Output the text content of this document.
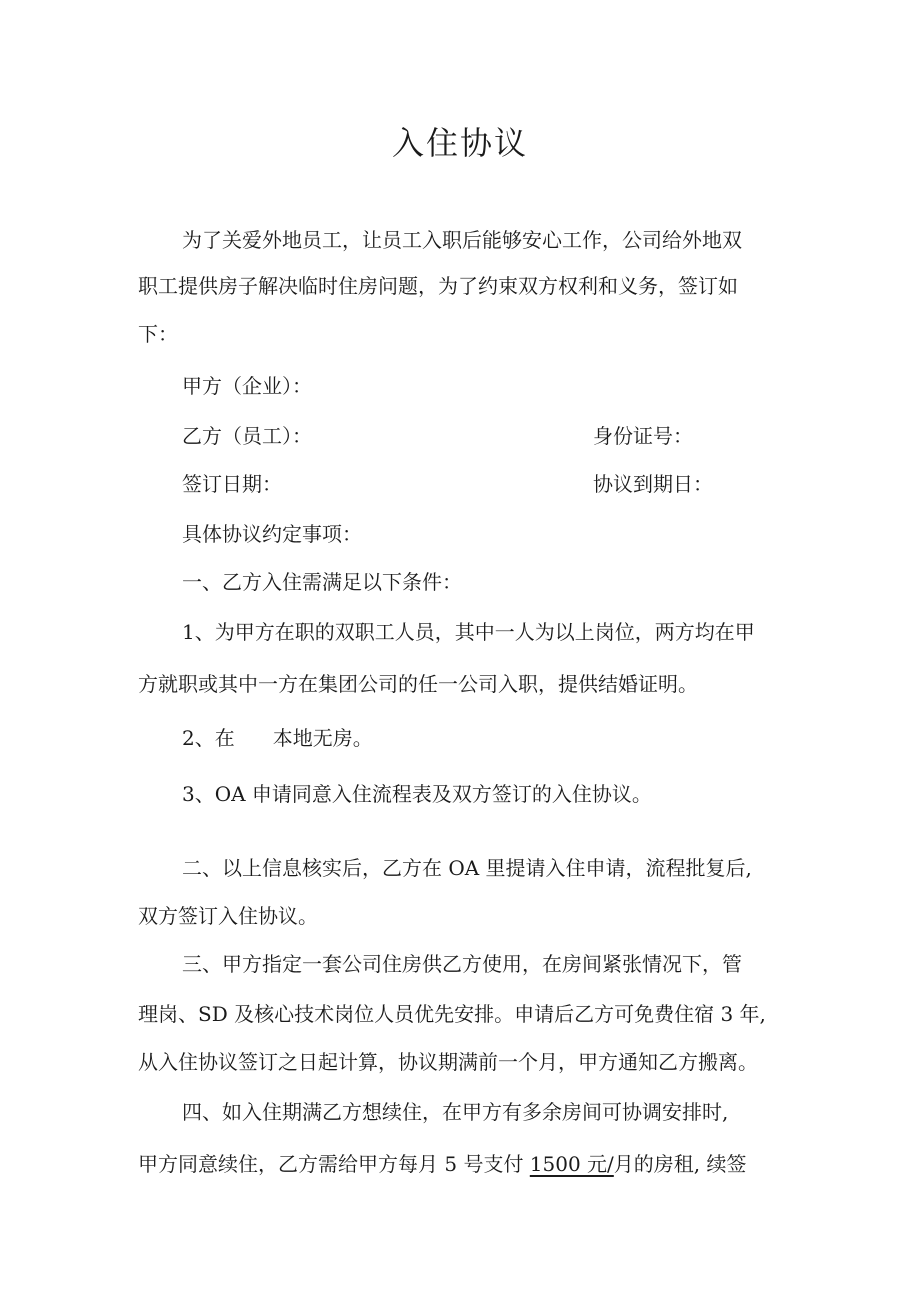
入住协议
为了关爱外地员工，让员工入职后能够安心工作，公司给外地双
职工提供房子解决临时住房问题，为了约束双方权利和义务，签订如
下：
甲方（企业）：
乙方（员工）：	身份证号：
签订日期：	协议到期日：
具体协议约定事项：
一、乙方入住需满足以下条件：
1、为甲方在职的双职工人员，其中一人为以上岗位，两方均在甲
方就职或其中一方在集团公司的任一公司入职，提供结婚证明。
2、在 本地无房。
3、OA 申请同意入住流程表及双方签订的入住协议。
二、以上信息核实后，乙方在 OA 里提请入住申请，流程批复后,
双方签订入住协议。
三、甲方指定一套公司住房供乙方使用，在房间紧张情况下，管
理岗、SD 及核心技术岗位人员优先安排。申请后乙方可免费住宿 3 年,
从入住协议签订之日起计算，协议期满前一个月，甲方通知乙方搬离。
四、如入住期满乙方想续住，在甲方有多余房间可协调安排时,
甲方同意续住，乙方需给甲方每月 5 号支付 1500 元/月的房租, 续签
